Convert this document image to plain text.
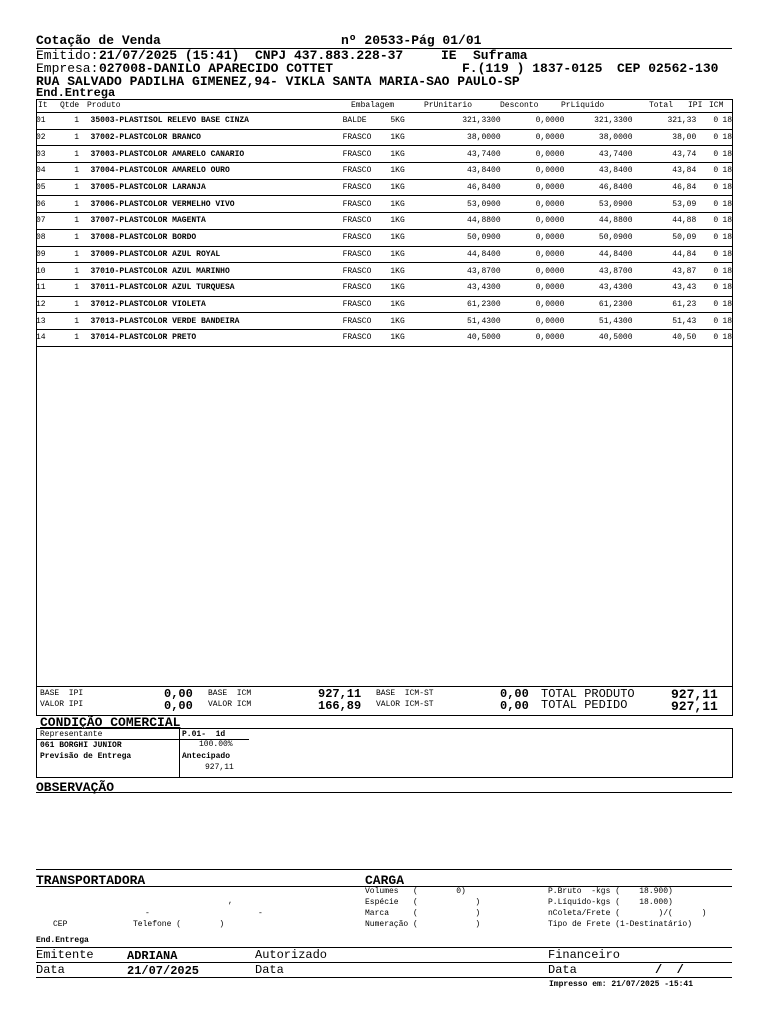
Cotação de Venda	nº 20533-Pág 01/01
Emitido: 21/07/2025 (15:41) CNPJ 437.883.228-37	IE Suframa
Empresa: 027008-DANILO APARECIDO COTTET	F.(119 ) 1837-0125 CEP 02562-130
RUA SALVADO PADILHA GIMENEZ,94- VIKLA SANTA MARIA-SAO PAULO-SP
End.Entrega
It Qtde Produto	Embalagem	PrUnitario	Desconto	PrLiquido	Total IPI ICM
01	1	35003-PLASTISOL RELEVO BASE CINZA	BALDE	5KG	321,3300	0,0000	321,3300	321,33	0	18
02	1	37002-PLASTCOLOR BRANCO	FRASCO	1KG	38,0000	0,0000	38,0000	38,00	0	18
03	1	37003-PLASTCOLOR AMARELO CANARIO	FRASCO	1KG	43,7400	0,0000	43,7400	43,74	0	18
04	1	37004-PLASTCOLOR AMARELO OURO	FRASCO	1KG	43,8400	0,0000	43,8400	43,84	0	18
05	1	37005-PLASTCOLOR LARANJA	FRASCO	1KG	46,8400	0,0000	46,8400	46,84	0	18
06	1	37006-PLASTCOLOR VERMELHO VIVO	FRASCO	1KG	53,0900	0,0000	53,0900	53,09	0	18
07	1	37007-PLASTCOLOR MAGENTA	FRASCO	1KG	44,8800	0,0000	44,8800	44,88	0	18
08	1	37008-PLASTCOLOR BORDO	FRASCO	1KG	50,0900	0,0000	50,0900	50,09	0	18
09	1	37009-PLASTCOLOR AZUL ROYAL	FRASCO	1KG	44,8400	0,0000	44,8400	44,84	0	18
10	1	37010-PLASTCOLOR AZUL MARINHO	FRASCO	1KG	43,8700	0,0000	43,8700	43,87	0	18
11	1	37011-PLASTCOLOR AZUL TURQUESA	FRASCO	1KG	43,4300	0,0000	43,4300	43,43	0	18
12	1	37012-PLASTCOLOR VIOLETA	FRASCO	1KG	61,2300	0,0000	61,2300	61,23	0	18
13	1	37013-PLASTCOLOR VERDE BANDEIRA	FRASCO	1KG	51,4300	0,0000	51,4300	51,43	0	18
14	1	37014-PLASTCOLOR PRETO	FRASCO	1KG	40,5000	0,0000	40,5000	40,50	0	18
BASE  IPI	0,00
VALOR IPI	0,00
BASE  ICM	927,11
VALOR ICM	166,89
BASE  ICM-ST	0,00
VALOR ICM-ST	0,00
TOTAL PRODUTO	927,11
TOTAL PEDIDO	927,11
CONDIÇÃO COMERCIAL
Representante
061 BORGHI JUNIOR
Previsão de Entrega
P.01-  1d
100.00%
Antecipado
927,11
OBSERVAÇÃO
TRANSPORTADORA	CARGA
,
-	-
CEP	Telefone (        )
End.Entrega
Volumes   (        0)
Espécie   (            )
Marca     (            )
Numeração (            )
P.Bruto  -kgs (    18.900)
P.Líquido-kgs (    18.000)
nColeta/Frete (        )/(      )
Tipo de Frete (1-Destinatário)
Emitente	ADRIANA	Autorizado	Financeiro
Data	21/07/2025	Data	Data	/  /
Impresso em: 21/07/2025 -15:41
